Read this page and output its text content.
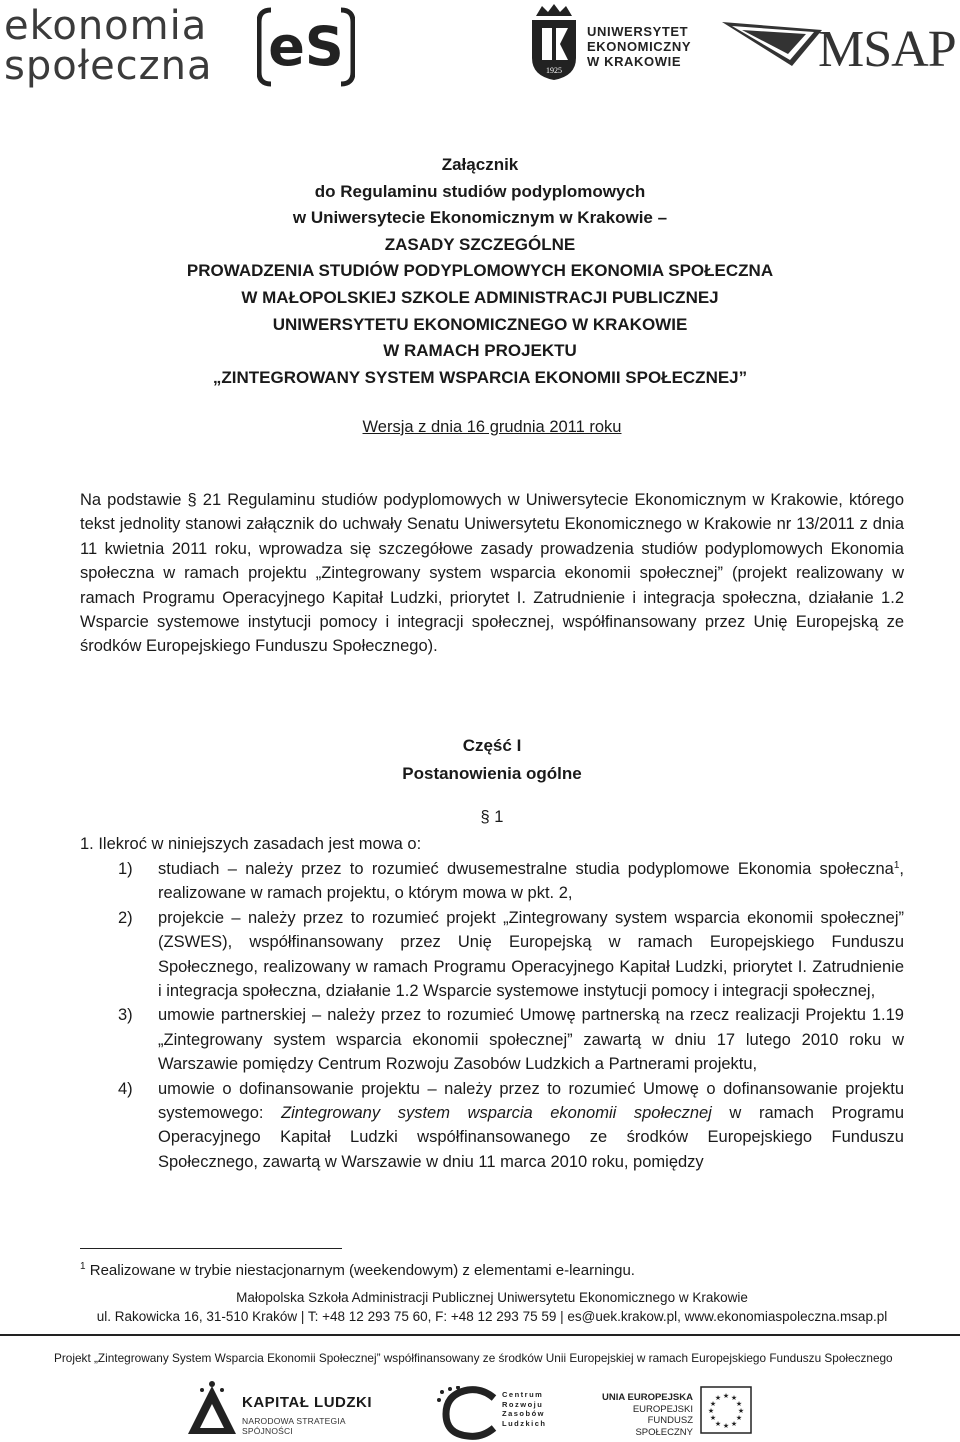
ekonomia
społeczna	eS	1925
UNIWERSYTET
EKONOMICZNY
W KRAKOWIE	MSAP
Załącznik
do Regulaminu studiów podyplomowych
w Uniwersytecie Ekonomicznym w Krakowie –
ZASADY SZCZEGÓLNE
PROWADZENIA STUDIÓW PODYPLOMOWYCH EKONOMIA SPOŁECZNA
W MAŁOPOLSKIEJ SZKOLE ADMINISTRACJI PUBLICZNEJ
UNIWERSYTETU EKONOMICZNEGO W KRAKOWIE
W RAMACH PROJEKTU
„ZINTEGROWANY SYSTEM WSPARCIA EKONOMII SPOŁECZNEJ”
Wersja z dnia 16 grudnia 2011 roku
Na podstawie § 21 Regulaminu studiów podyplomowych w Uniwersytecie Ekonomicznym w Krakowie, którego tekst jednolity stanowi załącznik do uchwały Senatu Uniwersytetu Ekonomicznego w Krakowie nr 13/2011 z dnia 11 kwietnia 2011 roku, wprowadza się szczegółowe zasady prowadzenia studiów podyplomowych Ekonomia społeczna w ramach projektu „Zintegrowany system wsparcia ekonomii społecznej” (projekt realizowany w ramach Programu Operacyjnego Kapitał Ludzki, priorytet I. Zatrudnienie i integracja społeczna, działanie 1.2 Wsparcie systemowe instytucji pomocy i integracji społecznej, współfinansowany przez Unię Europejską ze środków Europejskiego Funduszu Społecznego).
Część I
Postanowienia ogólne
§ 1
1. Ilekroć w niniejszych zasadach jest mowa o:
1) studiach – należy przez to rozumieć dwusemestralne studia podyplomowe Ekonomia społeczna$^1$, realizowane w ramach projektu, o którym mowa w pkt. 2,
2) projekcie – należy przez to rozumieć projekt „Zintegrowany system wsparcia ekonomii społecznej” (ZSWES), współfinansowany przez Unię Europejską w ramach Europejskiego Funduszu Społecznego, realizowany w ramach Programu Operacyjnego Kapitał Ludzki, priorytet I. Zatrudnienie i integracja społeczna, działanie 1.2 Wsparcie systemowe instytucji pomocy i integracji społecznej,
3) umowie partnerskiej – należy przez to rozumieć Umowę partnerską na rzecz realizacji Projektu 1.19 „Zintegrowany system wsparcia ekonomii społecznej” zawartą w dniu 17 lutego 2010 roku w Warszawie pomiędzy Centrum Rozwoju Zasobów Ludzkich a Partnerami projektu,
4) umowie o dofinansowanie projektu – należy przez to rozumieć Umowę o dofinansowanie projektu systemowego: Zintegrowany system wsparcia ekonomii społecznej w ramach Programu Operacyjnego Kapitał Ludzki współfinansowanego ze środków Europejskiego Funduszu Społecznego, zawartą w Warszawie w dniu 11 marca 2010 roku, pomiędzy
$^1$ Realizowane w trybie niestacjonarnym (weekendowym) z elementami e-learningu.
Małopolska Szkoła Administracji Publicznej Uniwersytetu Ekonomicznego w Krakowie
ul. Rakowicka 16, 31-510 Kraków | T: +48 12 293 75 60, F: +48 12 293 75 59 | es@uek.krakow.pl, www.ekonomiaspoleczna.msap.pl
Projekt „Zintegrowany System Wsparcia Ekonomii Społecznej” współfinansowany ze środków Unii Europejskiej w ramach Europejskiego Funduszu Społecznego
KAPITAŁ LUDZKI
NARODOWA STRATEGIA SPÓJNOŚCI
Centrum
Rozwoju
Zasobów
Ludzkich
UNIA EUROPEJSKA
EUROPEJSKI
FUNDUSZ SPOŁECZNY
★ ★
★
★
★
★
★
★
★
★
★
★
